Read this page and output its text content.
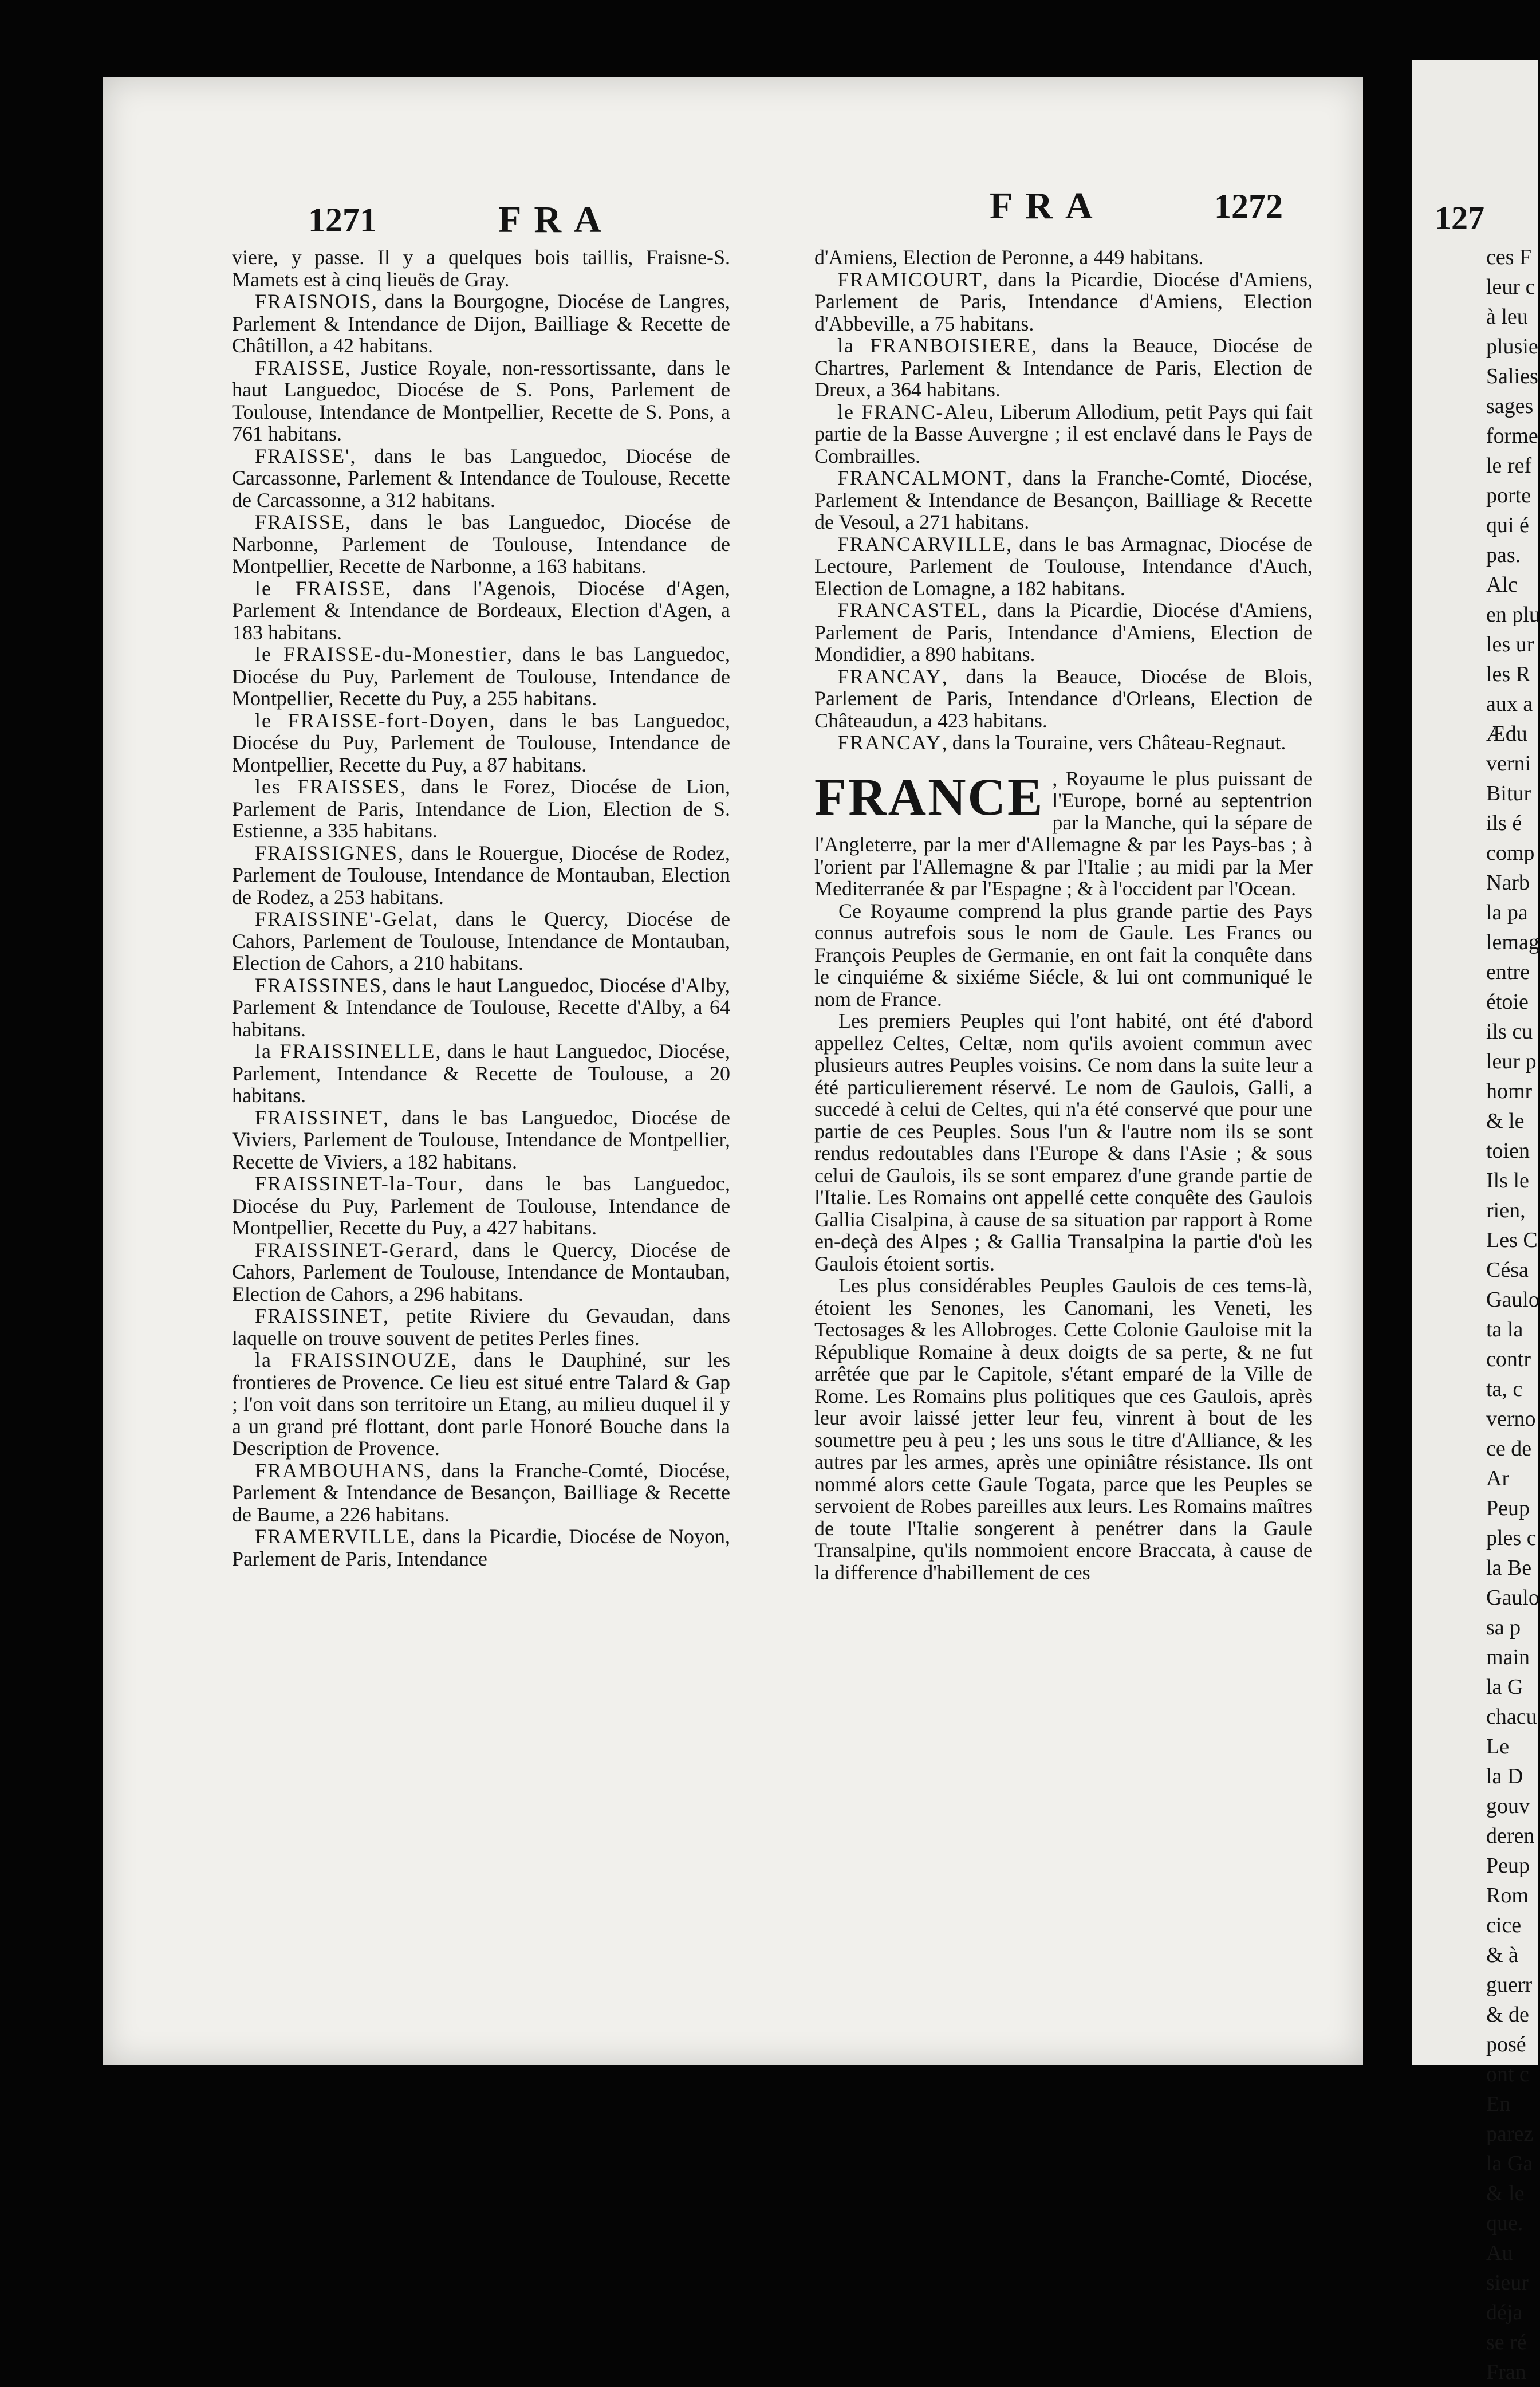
127
ces F
leur c
à leu
plusie
Salies
sages
forme
le ref
porte
qui é
pas.
Alc
en plu
les ur
les R
aux a
Ædu
verni
Bitur
ils é
comp
Narb
la pa
lemag
entre
étoie
ils cu
leur p
homr
& le
toien
Ils le
rien,
Les C
Césa
Gaulo
ta la
contr
ta, c
verno
ce de
Ar
Peup
ples c
la Be
Gaulo
sa p
main
la G
chacu
Le
la D
gouv
deren
Peup
Rom
cice
& à
guerr
& de
posé
ont c
En
parez
la Ga
& le
que.
Au
sieur
déja
se ré
Fran
1271	FRA	FRA	1272

viere, y passe. Il y a quelques bois taillis, Fraisne-S. Mamets est à cinq lieuës de Gray.

FRAISNOIS, dans la Bourgogne, Diocése de Langres, Parlement & Intendance de Dijon, Bailliage & Recette de Châtillon, a 42 habitans.

FRAISSE, Justice Royale, non-ressortissante, dans le haut Languedoc, Diocése de S. Pons, Parlement de Toulouse, Intendance de Montpellier, Recette de S. Pons, a 761 habitans.

FRAISSE', dans le bas Languedoc, Diocése de Carcassonne, Parlement & Intendance de Toulouse, Recette de Carcassonne, a 312 habitans.

FRAISSE, dans le bas Languedoc, Diocése de Narbonne, Parlement de Toulouse, Intendance de Montpellier, Recette de Narbonne, a 163 habitans.

le FRAISSE, dans l'Agenois, Diocése d'Agen, Parlement & Intendance de Bordeaux, Election d'Agen, a 183 habitans.

le FRAISSE-du-Monestier, dans le bas Languedoc, Diocése du Puy, Parlement de Toulouse, Intendance de Montpellier, Recette du Puy, a 255 habitans.

le FRAISSE-fort-Doyen, dans le bas Languedoc, Diocése du Puy, Parlement de Toulouse, Intendance de Montpellier, Recette du Puy, a 87 habitans.

les FRAISSES, dans le Forez, Diocése de Lion, Parlement de Paris, Intendance de Lion, Election de S. Estienne, a 335 habitans.

FRAISSIGNES, dans le Rouergue, Diocése de Rodez, Parlement de Toulouse, Intendance de Montauban, Election de Rodez, a 253 habitans.

FRAISSINE'-Gelat, dans le Quercy, Diocése de Cahors, Parlement de Toulouse, Intendance de Montauban, Election de Cahors, a 210 habitans.

FRAISSINES, dans le haut Languedoc, Diocése d'Alby, Parlement & Intendance de Toulouse, Recette d'Alby, a 64 habitans.

la FRAISSINELLE, dans le haut Languedoc, Diocése, Parlement, Intendance & Recette de Toulouse, a 20 habitans.

FRAISSINET, dans le bas Languedoc, Diocése de Viviers, Parlement de Toulouse, Intendance de Montpellier, Recette de Viviers, a 182 habitans.

FRAISSINET-la-Tour, dans le bas Languedoc, Diocése du Puy, Parlement de Toulouse, Intendance de Montpellier, Recette du Puy, a 427 habitans.

FRAISSINET-Gerard, dans le Quercy, Diocése de Cahors, Parlement de Toulouse, Intendance de Montauban, Election de Cahors, a 296 habitans.

FRAISSINET, petite Riviere du Gevaudan, dans laquelle on trouve souvent de petites Perles fines.

la FRAISSINOUZE, dans le Dauphiné, sur les frontieres de Provence. Ce lieu est situé entre Talard & Gap ; l'on voit dans son territoire un Etang, au milieu duquel il y a un grand pré flottant, dont parle Honoré Bouche dans la Description de Provence.

FRAMBOUHANS, dans la Franche-Comté, Diocése, Parlement & Intendance de Besançon, Bailliage & Recette de Baume, a 226 habitans.

FRAMERVILLE, dans la Picardie, Diocése de Noyon, Parlement de Paris, Intendance

d'Amiens, Election de Peronne, a 449 habitans.

FRAMICOURT, dans la Picardie, Diocése d'Amiens, Parlement de Paris, Intendance d'Amiens, Election d'Abbeville, a 75 habitans.

la FRANBOISIERE, dans la Beauce, Diocése de Chartres, Parlement & Intendance de Paris, Election de Dreux, a 364 habitans.

le FRANC-Aleu, Liberum Allodium, petit Pays qui fait partie de la Basse Auvergne ; il est enclavé dans le Pays de Combrailles.

FRANCALMONT, dans la Franche-Comté, Diocése, Parlement & Intendance de Besançon, Bailliage & Recette de Vesoul, a 271 habitans.

FRANCARVILLE, dans le bas Armagnac, Diocése de Lectoure, Parlement de Toulouse, Intendance d'Auch, Election de Lomagne, a 182 habitans.

FRANCASTEL, dans la Picardie, Diocése d'Amiens, Parlement de Paris, Intendance d'Amiens, Election de Mondidier, a 890 habitans.

FRANCAY, dans la Beauce, Diocése de Blois, Parlement de Paris, Intendance d'Orleans, Election de Châteaudun, a 423 habitans.

FRANCAY, dans la Touraine, vers Château-Regnaut.

FRANCE , Royaume le plus puissant de l'Europe, borné au septentrion par la Manche, qui la sépare de l'Angleterre, par la mer d'Allemagne & par les Pays-bas ; à l'orient par l'Allemagne & par l'Italie ; au midi par la Mer Mediterranée & par l'Espagne ; & à l'occident par l'Ocean.

Ce Royaume comprend la plus grande partie des Pays connus autrefois sous le nom de Gaule. Les Francs ou François Peuples de Germanie, en ont fait la conquête dans le cinquiéme & sixiéme Siécle, & lui ont communiqué le nom de France.

Les premiers Peuples qui l'ont habité, ont été d'abord appellez Celtes, Celtæ, nom qu'ils avoient commun avec plusieurs autres Peuples voisins. Ce nom dans la suite leur a été particulierement réservé. Le nom de Gaulois, Galli, a succedé à celui de Celtes, qui n'a été conservé que pour une partie de ces Peuples. Sous l'un & l'autre nom ils se sont rendus redoutables dans l'Europe & dans l'Asie ; & sous celui de Gaulois, ils se sont emparez d'une grande partie de l'Italie. Les Romains ont appellé cette conquête des Gaulois Gallia Cisalpina, à cause de sa situation par rapport à Rome en-deçà des Alpes ; & Gallia Transalpina la partie d'où les Gaulois étoient sortis.

Les plus considérables Peuples Gaulois de ces tems-là, étoient les Senones, les Canomani, les Veneti, les Tectosages & les Allobroges. Cette Colonie Gauloise mit la République Romaine à deux doigts de sa perte, & ne fut arrêtée que par le Capitole, s'étant emparé de la Ville de Rome. Les Romains plus politiques que ces Gaulois, après leur avoir laissé jetter leur feu, vinrent à bout de les soumettre peu à peu ; les uns sous le titre d'Alliance, & les autres par les armes, après une opiniâtre résistance. Ils ont nommé alors cette Gaule Togata, parce que les Peuples se servoient de Robes pareilles aux leurs. Les Romains maîtres de toute l'Italie songerent à penétrer dans la Gaule Transalpine, qu'ils nommoient encore Braccata, à cause de la difference d'habillement de ces
